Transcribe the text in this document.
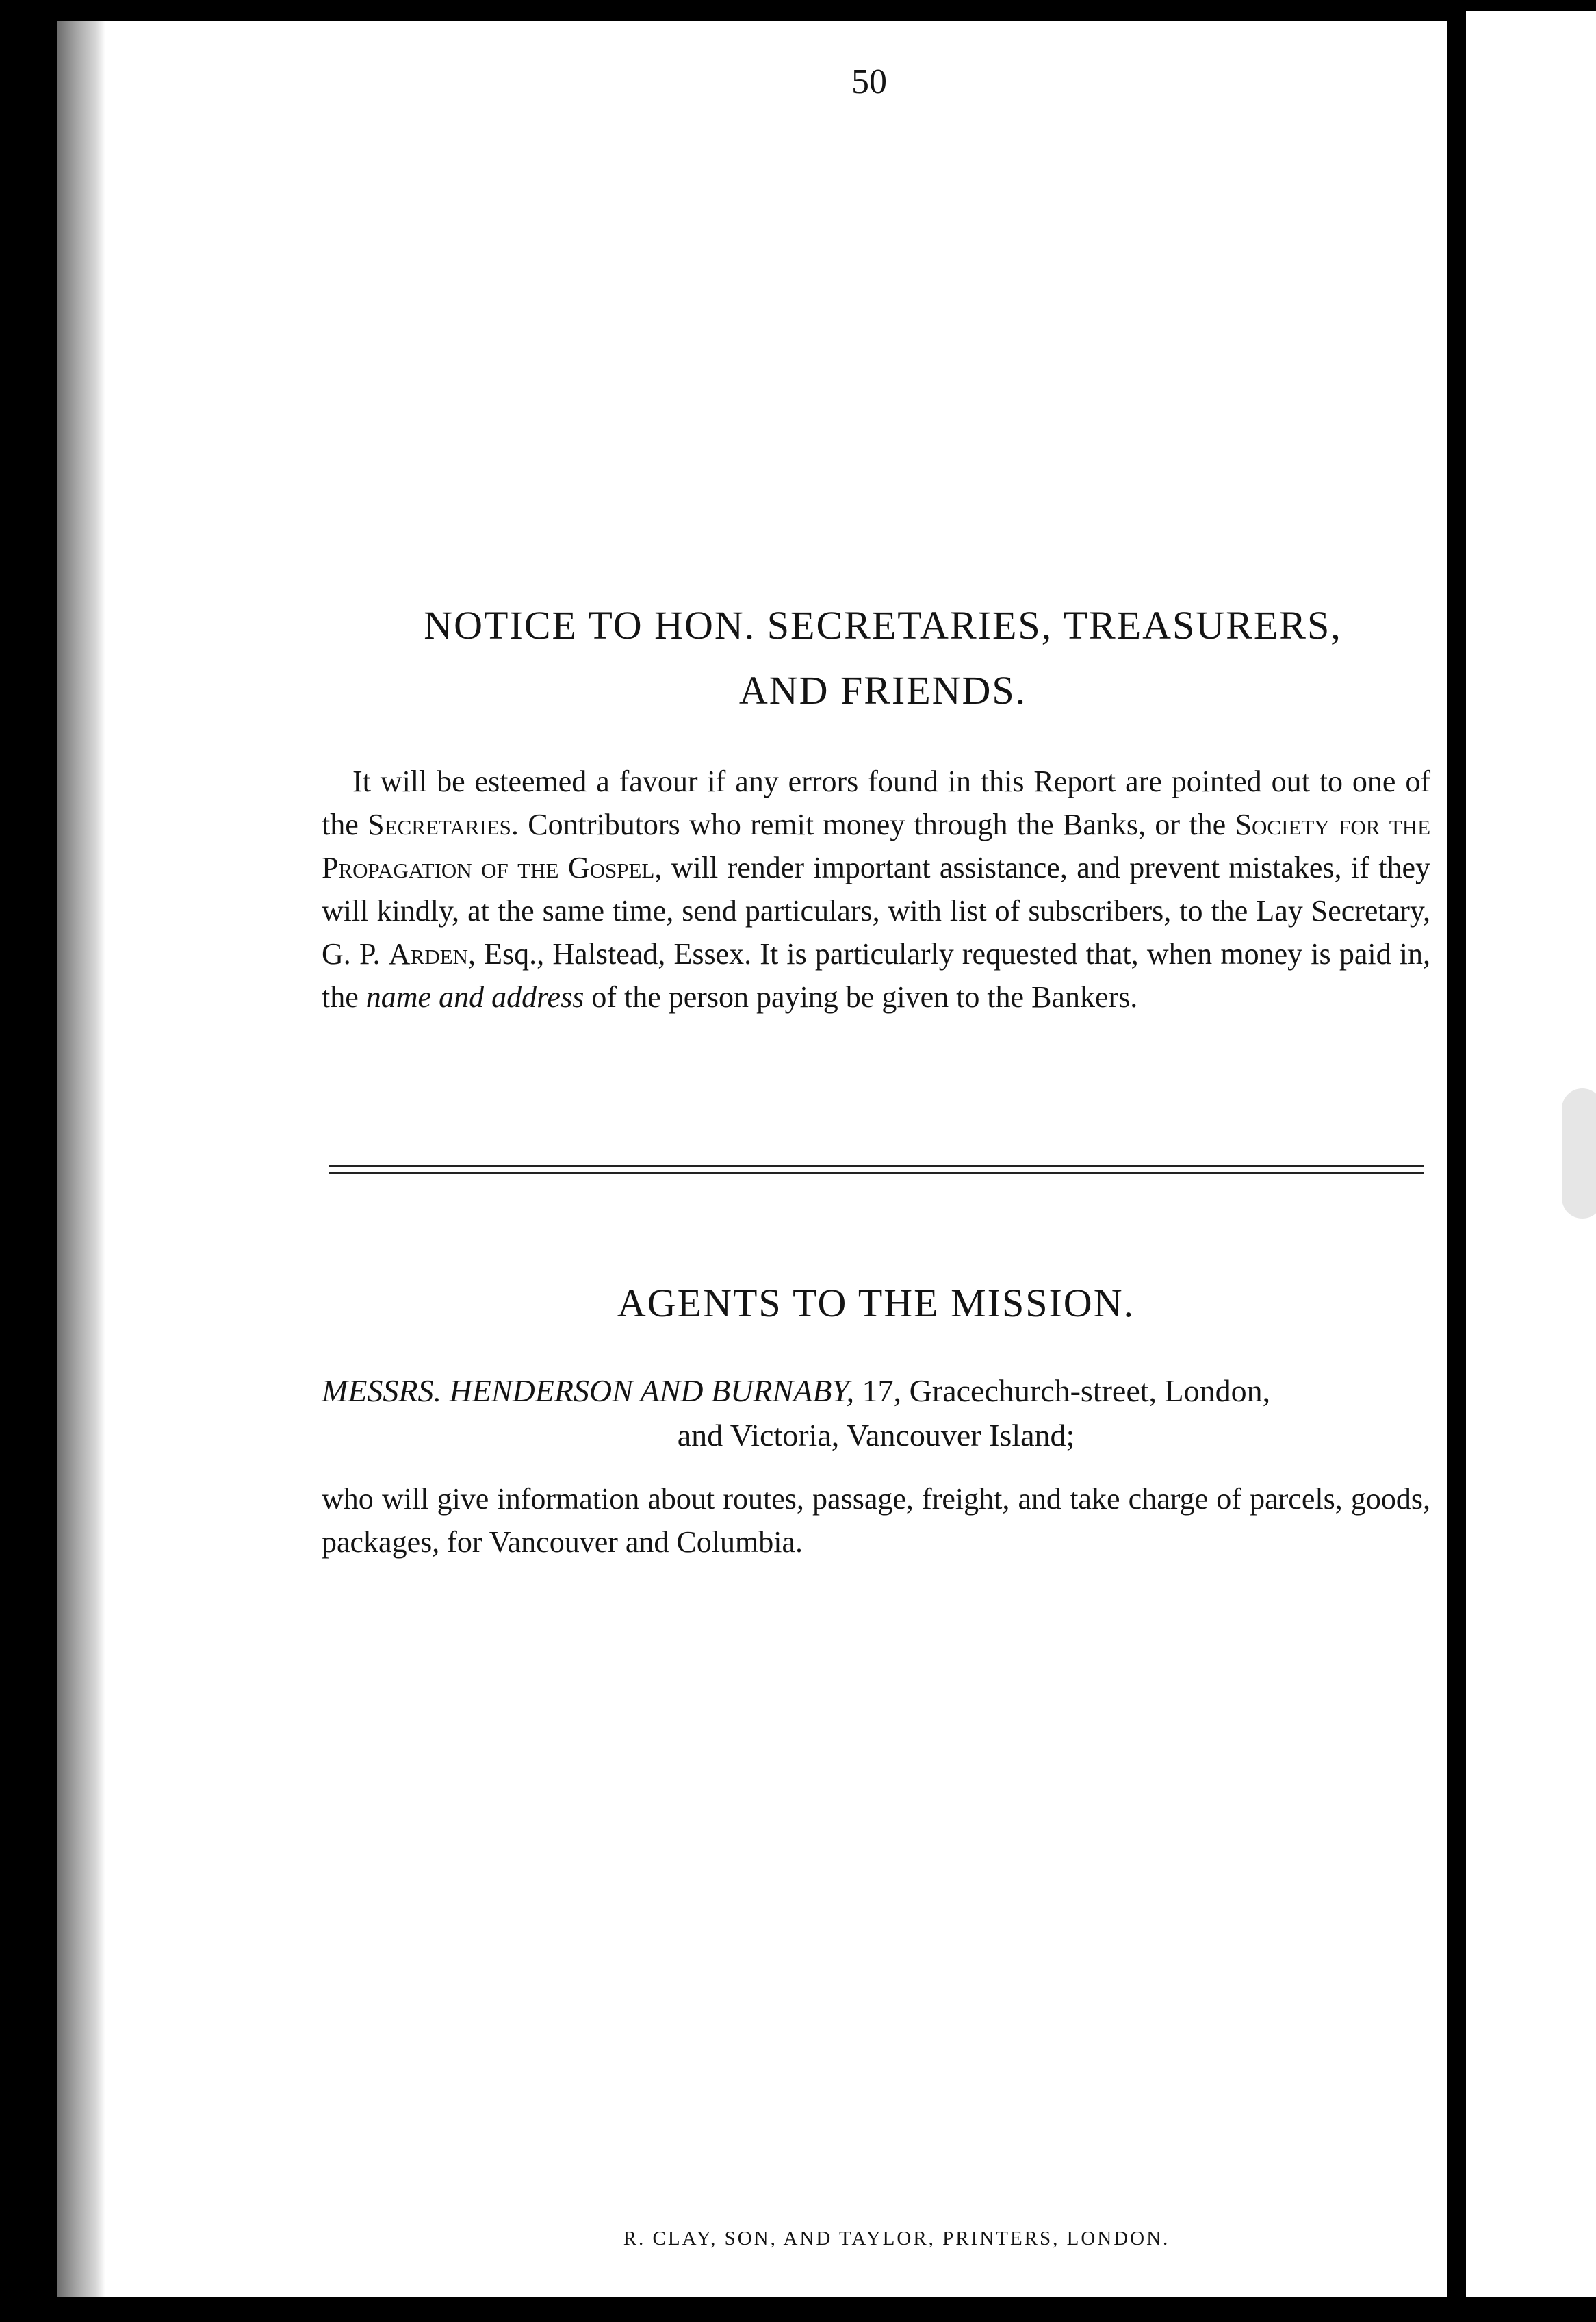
50
NOTICE TO HON. SECRETARIES, TREASURERS,
AND FRIENDS.
It will be esteemed a favour if any errors found in this Report are pointed out to one of the Secretaries. Contributors who remit money through the Banks, or the Society for the Propagation of the Gospel, will render important assistance, and prevent mistakes, if they will kindly, at the same time, send particulars, with list of subscribers, to the Lay Secretary, G. P. Arden, Esq., Halstead, Essex. It is particularly requested that, when money is paid in, the name and address of the person paying be given to the Bankers.
AGENTS TO THE MISSION.
MESSRS. HENDERSON AND BURNABY, 17, Gracechurch-street, London,
and Victoria, Vancouver Island;
who will give information about routes, passage, freight, and take charge of parcels, goods, packages, for Vancouver and Columbia.
R. CLAY, SON, AND TAYLOR, PRINTERS, LONDON.
